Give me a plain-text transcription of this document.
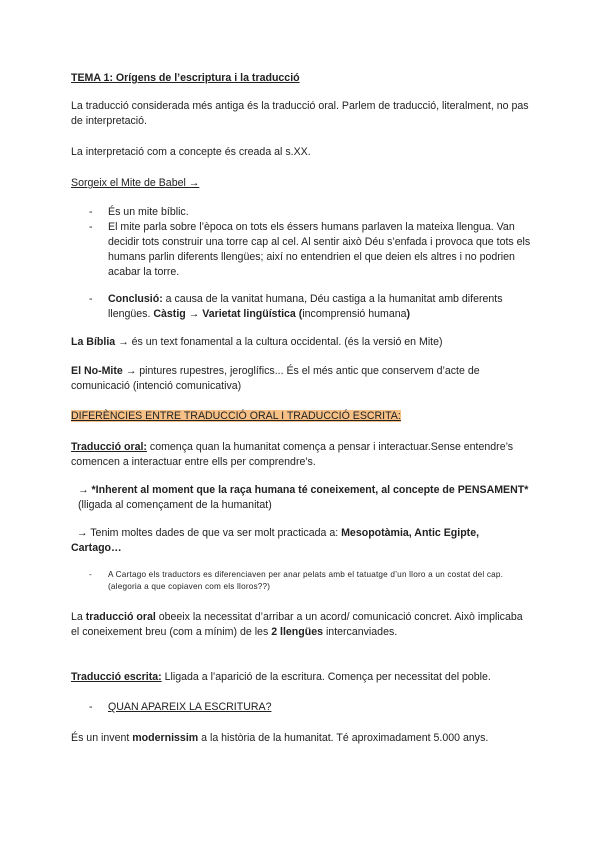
TEMA 1: Orígens de l’escriptura i la traducció
La traducció considerada més antiga és la traducció oral. Parlem de traducció, literalment, no pas de interpretació.
La interpretació com a concepte és creada al s.XX.
Sorgeix el Mite de Babel →
- És un mite bíblic.
- El mite parla sobre l’època on tots els éssers humans parlaven la mateixa llengua. Van decidir tots construir una torre cap al cel. Al sentir això Déu s’enfada i provoca que tots els humans parlin diferents llengües; així no entendrien el que deien els altres i no podrien acabar la torre.
- Conclusió: a causa de la vanitat humana, Déu castiga a la humanitat amb diferents llengües. Càstig → Varietat lingüística (incomprensió humana)
La Bíblia → és un text fonamental a la cultura occidental. (és la versió en Mite)
El No-Mite → pintures rupestres, jeroglífics... És el més antic que conservem d’acte de comunicació (intenció comunicativa)
DIFERÈNCIES ENTRE TRADUCCIÓ ORAL I TRADUCCIÓ ESCRITA:
Traducció oral: comença quan la humanitat comença a pensar i interactuar.Sense entendre’s comencen a interactuar entre ells per comprendre’s.
→ *Inherent al moment que la raça humana té coneixement, al concepte de PENSAMENT* (lligada al començament de la humanitat)
→ Tenim moltes dades de que va ser molt practicada a: Mesopotàmia, Antic Egipte, Cartago…
- A Cartago els traductors es diferenciaven per anar pelats amb el tatuatge d’un lloro a un costat del cap. (alegoria a que copiaven com els lloros??)
La traducció oral obeeix la necessitat d’arribar a un acord/ comunicació concret. Això implicaba el coneixement breu (com a mínim) de les 2 llengües intercanviades.
Traducció escrita: Lligada a l’aparició de la escritura. Comença per necessitat del poble.
- QUAN APAREIX LA ESCRITURA?
És un invent modernissim a la història de la humanitat. Té aproximadament 5.000 anys.
